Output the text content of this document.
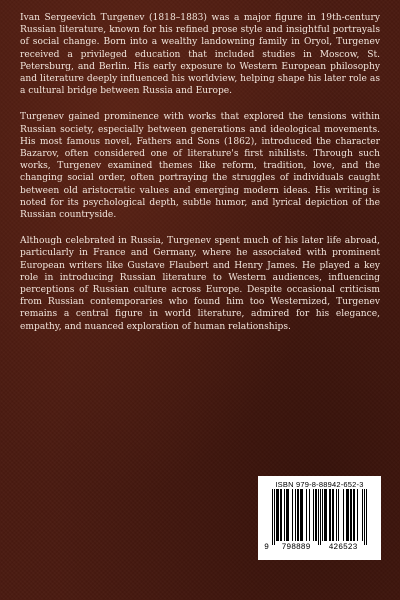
Ivan Sergeevich Turgenev (1818–1883) was a major figure in 19th-century Russian literature, known for his refined prose style and insightful portrayals of social change. Born into a wealthy landowning family in Oryol, Turgenev received a privileged education that included studies in Moscow, St. Petersburg, and Berlin. His early exposure to Western European philosophy and literature deeply influenced his worldview, helping shape his later role as a cultural bridge between Russia and Europe.

Turgenev gained prominence with works that explored the tensions within Russian society, especially between generations and ideological movements. His most famous novel, Fathers and Sons (1862), introduced the character Bazarov, often considered one of literature's first nihilists. Through such works, Turgenev examined themes like reform, tradition, love, and the changing social order, often portraying the struggles of individuals caught between old aristocratic values and emerging modern ideas. His writing is noted for its psychological depth, subtle humor, and lyrical depiction of the Russian countryside.

Although celebrated in Russia, Turgenev spent much of his later life abroad, particularly in France and Germany, where he associated with prominent European writers like Gustave Flaubert and Henry James. He played a key role in introducing Russian literature to Western audiences, influencing perceptions of Russian culture across Europe. Despite occasional criticism from Russian contemporaries who found him too Westernized, Turgenev remains a central figure in world literature, admired for his elegance, empathy, and nuanced exploration of human relationships.

ISBN 979-8-88942-652-3
9 798889 426523
